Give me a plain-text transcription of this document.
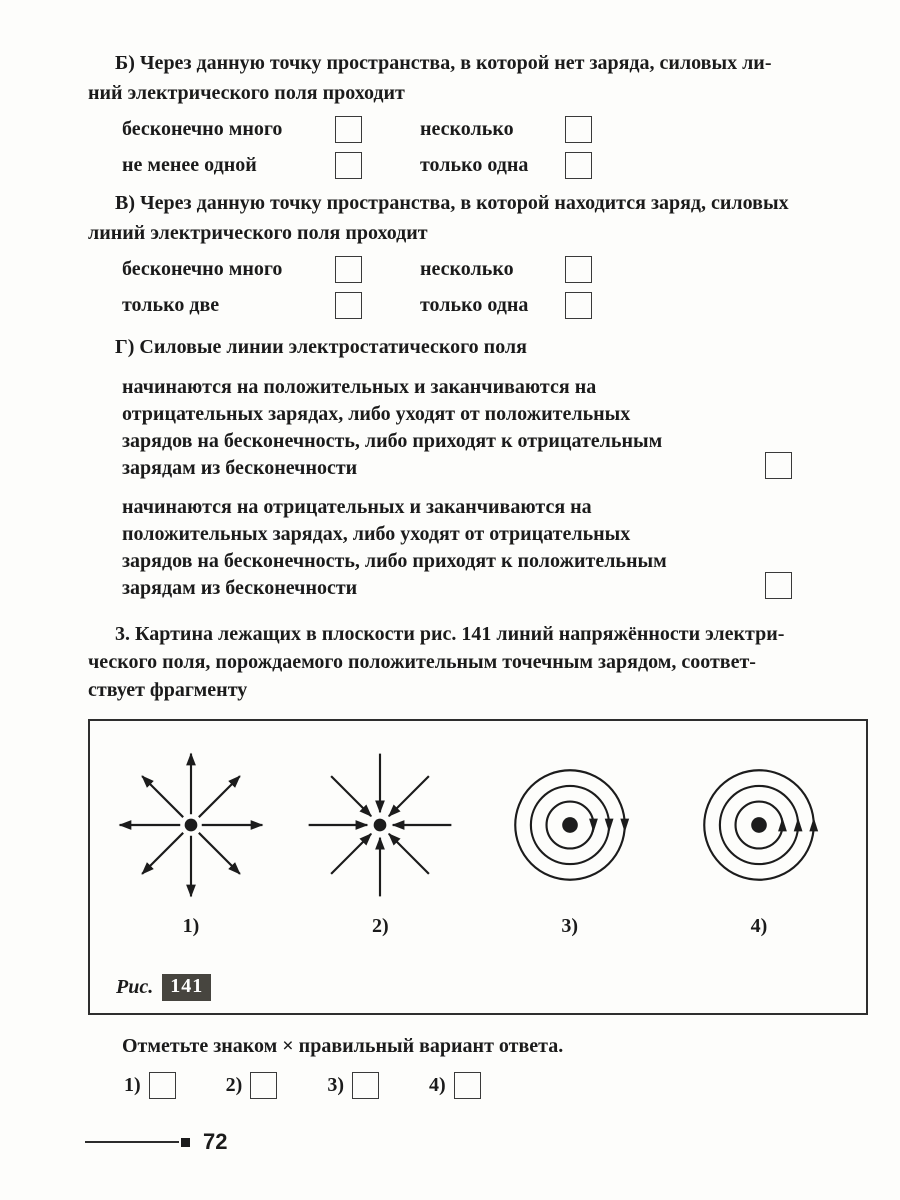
Б) Через данную точку пространства, в которой нет заряда, силовых ли-
ний электрического поля проходит
бесконечно много	несколько
не менее одной	только одна
В) Через данную точку пространства, в которой находится заряд, силовых
линий электрического поля проходит
бесконечно много	несколько
только две	только одна
Г) Силовые линии электростатического поля
начинаются на положительных и заканчиваются на
отрицательных зарядах, либо уходят от положительных
зарядов на бесконечность, либо приходят к отрицательным
зарядам из бесконечности
начинаются на отрицательных и заканчиваются на
положительных зарядах, либо уходят от отрицательных
зарядов на бесконечность, либо приходят к положительным
зарядам из бесконечности
3. Картина лежащих в плоскости рис. 141 линий напряжённости электри-
ческого поля, порождаемого положительным точечным зарядом, соответ-
ствует фрагменту
1)	2)	3)	4)
Рис. 141
Отметьте знаком × правильный вариант ответа.
1)	2)	3)	4)
72
